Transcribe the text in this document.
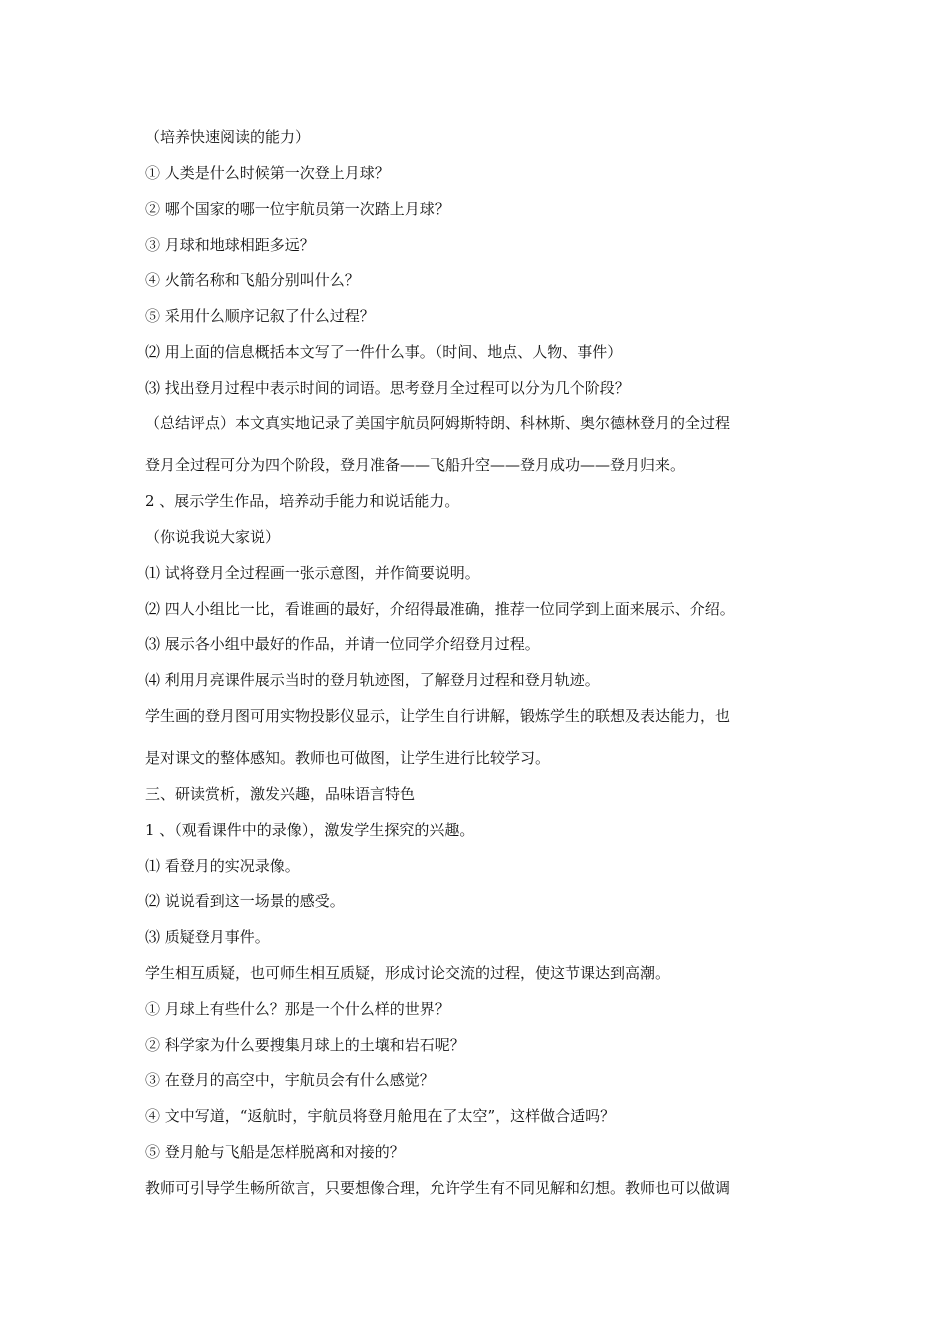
（培养快速阅读的能力）
① 人类是什么时候第一次登上月球？
② 哪个国家的哪一位宇航员第一次踏上月球？
③ 月球和地球相距多远？
④ 火箭名称和飞船分别叫什么？
⑤ 采用什么顺序记叙了什么过程？
⑵ 用上面的信息概括本文写了一件什么事。（时间、地点、人物、事件）
⑶ 找出登月过程中表示时间的词语。思考登月全过程可以分为几个阶段？
（总结评点）本文真实地记录了美国宇航员阿姆斯特朗、科林斯、奥尔德林登月的全过程
登月全过程可分为四个阶段，登月准备——飞船升空——登月成功——登月归来。
2 、展示学生作品，培养动手能力和说话能力。
（你说我说大家说）
⑴ 试将登月全过程画一张示意图，并作简要说明。
⑵ 四人小组比一比，看谁画的最好，介绍得最准确，推荐一位同学到上面来展示、介绍。
⑶ 展示各小组中最好的作品，并请一位同学介绍登月过程。
⑷ 利用月亮课件展示当时的登月轨迹图，了解登月过程和登月轨迹。
学生画的登月图可用实物投影仪显示，让学生自行讲解，锻炼学生的联想及表达能力，也
是对课文的整体感知。教师也可做图，让学生进行比较学习。
三、研读赏析，激发兴趣，品味语言特色
1 、（观看课件中的录像），激发学生探究的兴趣。
⑴ 看登月的实况录像。
⑵ 说说看到这一场景的感受。
⑶ 质疑登月事件。
学生相互质疑，也可师生相互质疑，形成讨论交流的过程，使这节课达到高潮。
① 月球上有些什么？那是一个什么样的世界？
② 科学家为什么要搜集月球上的土壤和岩石呢？
③ 在登月的高空中，宇航员会有什么感觉？
④ 文中写道，“返航时，宇航员将登月舱甩在了太空”，这样做合适吗？
⑤ 登月舱与飞船是怎样脱离和对接的？
教师可引导学生畅所欲言，只要想像合理，允许学生有不同见解和幻想。教师也可以做调
